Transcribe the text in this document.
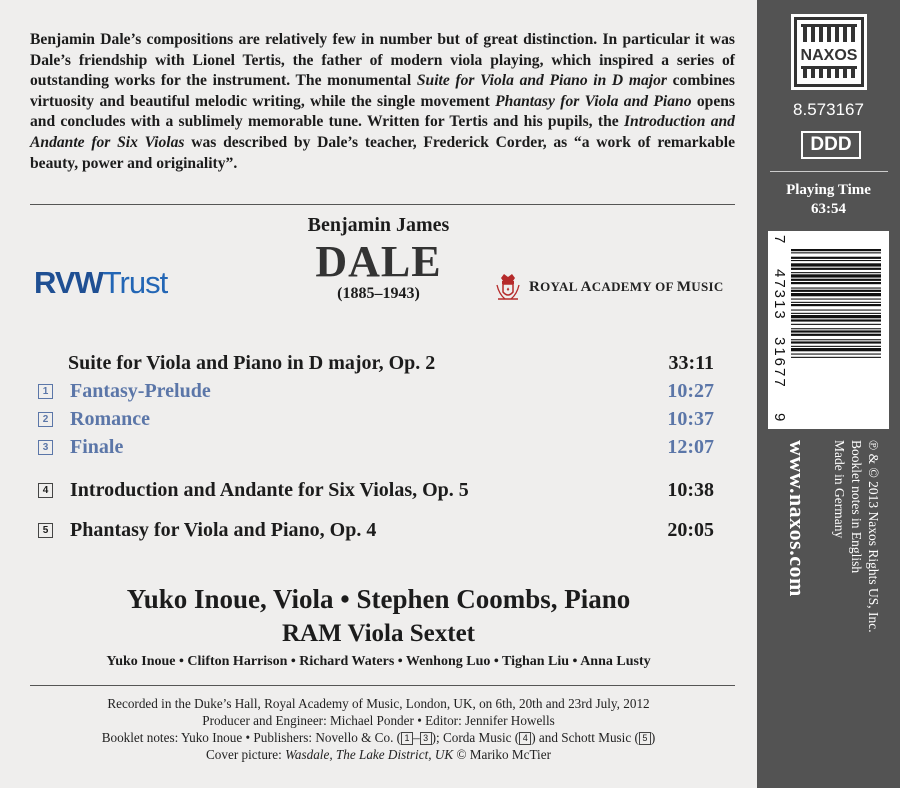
Benjamin Dale’s compositions are relatively few in number but of great distinction. In particular it was Dale’s friendship with Lionel Tertis, the father of modern viola playing, which inspired a series of outstanding works for the instrument. The monumental Suite for Viola and Piano in D major combines virtuosity and beautiful melodic writing, while the single movement Phantasy for Viola and Piano opens and concludes with a sublimely memorable tune. Written for Tertis and his pupils, the Introduction and Andante for Six Violas was described by Dale’s teacher, Frederick Corder, as “a work of remarkable beauty, power and originality”.
Benjamin James
DALE
(1885–1943)
RVWTrust	♦ ROYAL ACADEMY OF MUSIC
Suite for Viola and Piano in D major, Op. 2	33:11
1 Fantasy-Prelude	10:27
2 Romance	10:37
3 Finale	12:07
4 Introduction and Andante for Six Violas, Op. 5	10:38
5 Phantasy for Viola and Piano, Op. 4	20:05
Yuko Inoue, Viola • Stephen Coombs, Piano
RAM Viola Sextet
Yuko Inoue • Clifton Harrison • Richard Waters • Wenhong Luo • Tighan Liu • Anna Lusty
Recorded in the Duke’s Hall, Royal Academy of Music, London, UK, on 6th, 20th and 23rd July, 2012
Producer and Engineer: Michael Ponder • Editor: Jennifer Howells
Booklet notes: Yuko Inoue • Publishers: Novello & Co. ( 1 – 3 ); Corda Music ( 4 ) and Schott Music ( 5 )
Cover picture: Wasdale, The Lake District, UK © Mariko McTier
NAXOS
8.573167
DDD
Playing Time
63:54
7
47313
31677
9
www.naxos.com	℗ & © 2013 Naxos Rights US, Inc.
Booklet notes in English
Made in Germany
